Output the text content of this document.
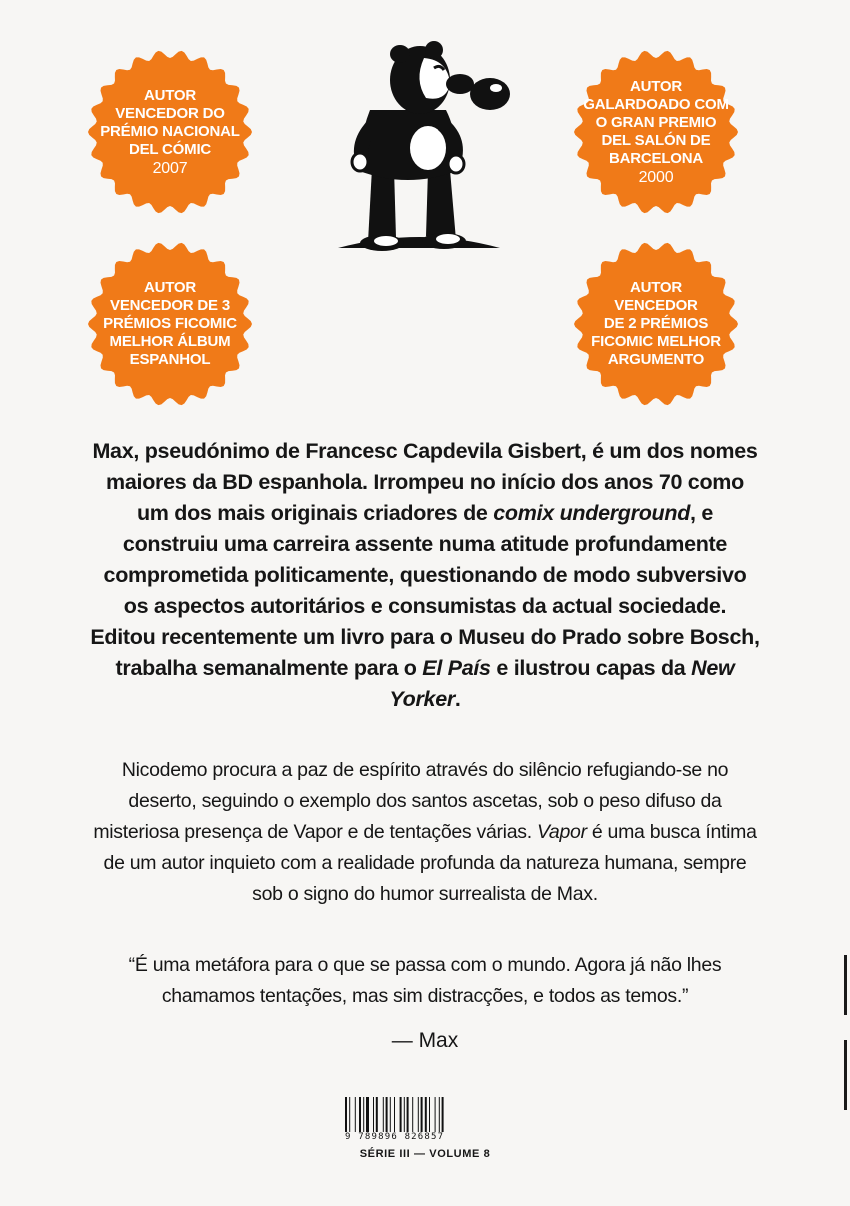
AUTOR
VENCEDOR DO
PRÉMIO NACIONAL
DEL CÓMIC
2007
AUTOR
GALARDOADO COM
O GRAN PREMIO
DEL SALÓN DE
BARCELONA
2000
AUTOR
VENCEDOR DE 3
PRÉMIOS FICOMIC
MELHOR ÁLBUM
ESPANHOL
AUTOR
VENCEDOR
DE 2 PRÉMIOS
FICOMIC MELHOR
ARGUMENTO
Max, pseudónimo de Francesc Capdevila Gisbert, é um dos nomes maiores da BD espanhola. Irrompeu no início dos anos 70 como um dos mais originais criadores de comix underground, e construiu uma carreira assente numa atitude profundamente comprometida politicamente, questionando de modo subversivo os aspectos autoritários e consumistas da actual sociedade. Editou recentemente um livro para o Museu do Prado sobre Bosch, trabalha semanalmente para o El País e ilustrou capas da New Yorker.
Nicodemo procura a paz de espírito através do silêncio refugiando-se no deserto, seguindo o exemplo dos santos ascetas, sob o peso difuso da misteriosa presença de Vapor e de tentações várias. Vapor é uma busca íntima de um autor inquieto com a realidade profunda da natureza humana, sempre sob o signo do humor surrealista de Max.
“É uma metáfora para o que se passa com o mundo. Agora já não lhes chamamos tentações, mas sim distracções, e todos as temos.”
— Max
9 789896 826857
SÉRIE III — VOLUME 8
